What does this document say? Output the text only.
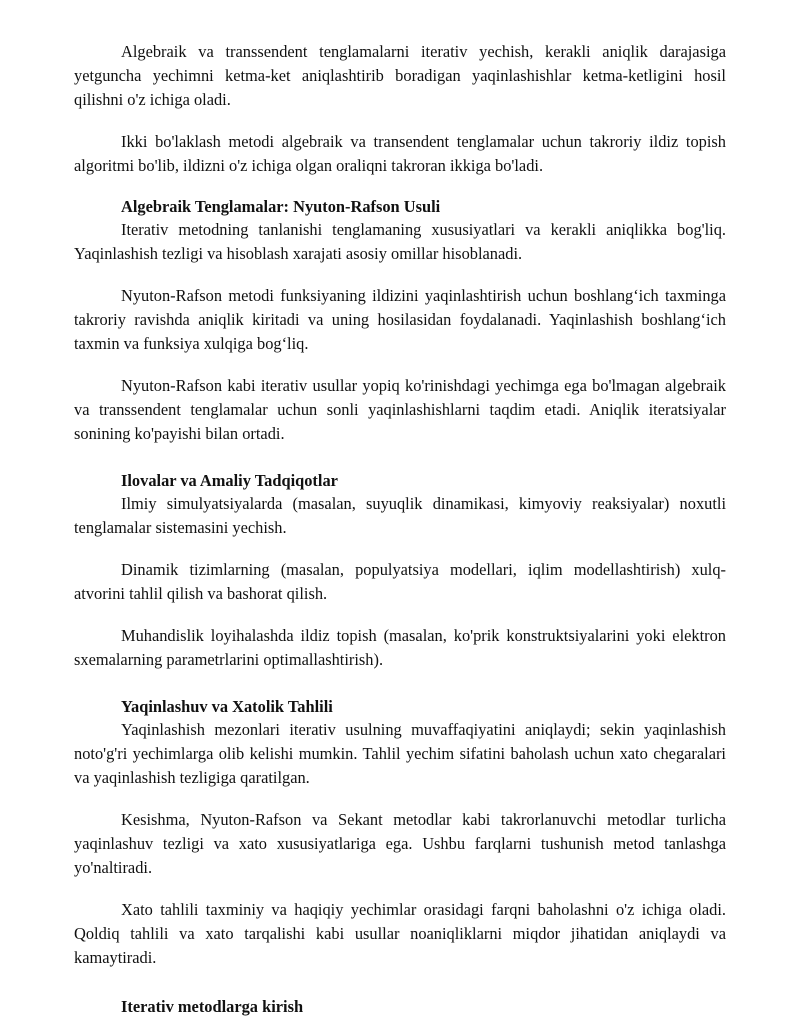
Algebraik va transsendent tenglamalarni iterativ yechish, kerakli aniqlik darajasiga yetguncha yechimni ketma-ket aniqlashtirib boradigan yaqinlashishlar ketma-ketligini hosil qilishni o'z ichiga oladi.

Ikki bo'laklash metodi algebraik va transendent tenglamalar uchun takroriy ildiz topish algoritmi bo'lib, ildizni o'z ichiga olgan oraliqni takroran ikkiga bo'ladi.

Algebraik Tenglamalar: Nyuton-Rafson Usuli

Iterativ metodning tanlanishi tenglamaning xususiyatlari va kerakli aniqlikka bog'liq. Yaqinlashish tezligi va hisoblash xarajati asosiy omillar hisoblanadi.

Nyuton-Rafson metodi funksiyaning ildizini yaqinlashtirish uchun boshlang‘ich taxminga takroriy ravishda aniqlik kiritadi va uning hosilasidan foydalanadi. Yaqinlashish boshlang‘ich taxmin va funksiya xulqiga bog‘liq.

Nyuton-Rafson kabi iterativ usullar yopiq ko'rinishdagi yechimga ega bo'lmagan algebraik va transsendent tenglamalar uchun sonli yaqinlashishlarni taqdim etadi. Aniqlik iteratsiyalar sonining ko'payishi bilan ortadi.

Ilovalar va Amaliy Tadqiqotlar

Ilmiy simulyatsiyalarda (masalan, suyuqlik dinamikasi, kimyoviy reaksiyalar) noxutli tenglamalar sistemasini yechish.

Dinamik tizimlarning (masalan, populyatsiya modellari, iqlim modellashtirish) xulq-atvorini tahlil qilish va bashorat qilish.

Muhandislik loyihalashda ildiz topish (masalan, ko'prik konstruktsiyalarini yoki elektron sxemalarning parametrlarini optimallashtirish).

Yaqinlashuv va Xatolik Tahlili

Yaqinlashish mezonlari iterativ usulning muvaffaqiyatini aniqlaydi; sekin yaqinlashish noto'g'ri yechimlarga olib kelishi mumkin. Tahlil yechim sifatini baholash uchun xato chegaralari va yaqinlashish tezligiga qaratilgan.

Kesishma, Nyuton-Rafson va Sekant metodlar kabi takrorlanuvchi metodlar turlicha yaqinlashuv tezligi va xato xususiyatlariga ega. Ushbu farqlarni tushunish metod tanlashga yo'naltiradi.

Xato tahlili taxminiy va haqiqiy yechimlar orasidagi farqni baholashni o'z ichiga oladi. Qoldiq tahlili va xato tarqalishi kabi usullar noaniqliklarni miqdor jihatidan aniqlaydi va kamaytiradi.

Iterativ metodlarga kirish
